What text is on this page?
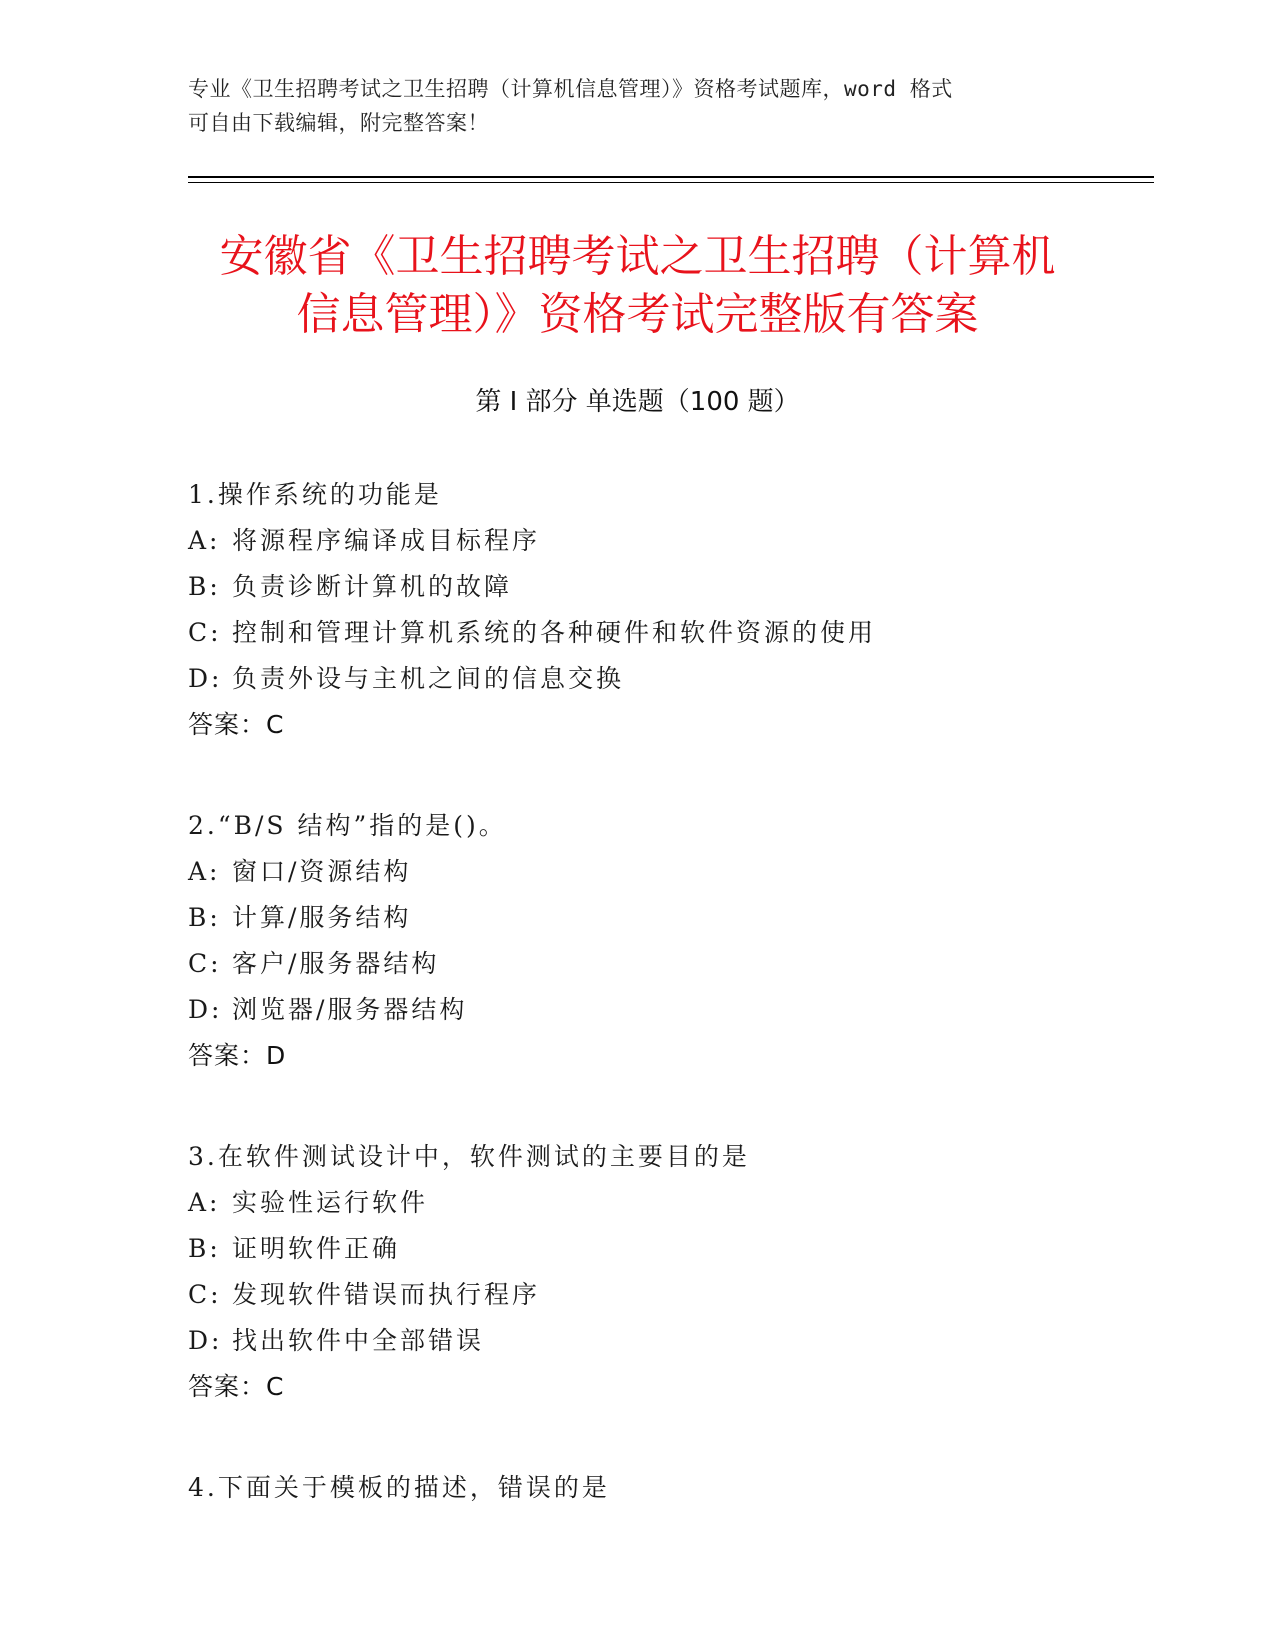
专业《卫生招聘考试之卫生招聘（计算机信息管理）》资格考试题库，word 格式
可自由下载编辑，附完整答案！
安徽省《卫生招聘考试之卫生招聘（计算机
信息管理）》资格考试完整版有答案
第 I 部分 单选题（100 题）
1.操作系统的功能是
A: 将源程序编译成目标程序
B: 负责诊断计算机的故障
C: 控制和管理计算机系统的各种硬件和软件资源的使用
D: 负责外设与主机之间的信息交换
答案：C
2.“B/S 结构”指的是()。
A: 窗口/资源结构
B: 计算/服务结构
C: 客户/服务器结构
D: 浏览器/服务器结构
答案：D
3.在软件测试设计中，软件测试的主要目的是
A: 实验性运行软件
B: 证明软件正确
C: 发现软件错误而执行程序
D: 找出软件中全部错误
答案：C
4.下面关于模板的描述，错误的是
